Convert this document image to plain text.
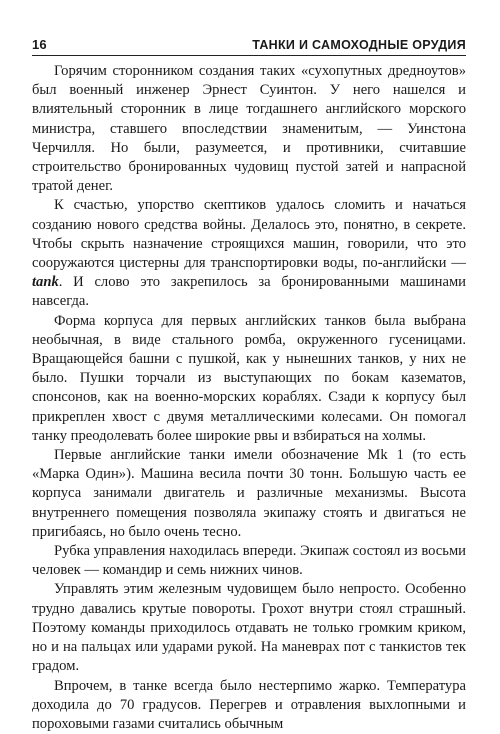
16	ТАНКИ И САМОХОДНЫЕ ОРУДИЯ

Горячим сторонником создания таких «сухопутных дредноутов» был военный инженер Эрнест Суинтон. У него нашелся и влиятельный сторонник в лице тогдашнего английского морского министра, ставшего впоследствии знаменитым, — Уинстона Черчилля. Но были, разумеется, и противники, считавшие строительство бронированных чудовищ пустой затей и напрасной тратой денег.

К счастью, упорство скептиков удалось сломить и начаться созданию нового средства войны. Делалось это, понятно, в секрете. Чтобы скрыть назначение строящихся машин, говорили, что это сооружаются цистерны для транспортировки воды, по-английски — tank. И слово это закрепилось за бронированными машинами навсегда.

Форма корпуса для первых английских танков была выбрана необычная, в виде стального ромба, окруженного гусеницами. Вращающейся башни с пушкой, как у нынешних танков, у них не было. Пушки торчали из выступающих по бокам казематов, спонсонов, как на военно-морских кораблях. Сзади к корпусу был прикреплен хвост с двумя металлическими колесами. Он помогал танку преодолевать более широкие рвы и взбираться на холмы.

Первые английские танки имели обозначение Mk 1 (то есть «Марка Один»). Машина весила почти 30 тонн. Большую часть ее корпуса занимали двигатель и различные механизмы. Высота внутреннего помещения позволяла экипажу стоять и двигаться не пригибаясь, но было очень тесно.

Рубка управления находилась впереди. Экипаж состоял из восьми человек — командир и семь нижних чинов.

Управлять этим железным чудовищем было непросто. Особенно трудно давались крутые повороты. Грохот внутри стоял страшный. Поэтому команды приходилось отдавать не только громким криком, но и на пальцах или ударами рукой. На маневрах пот с танкистов тек градом.

Впрочем, в танке всегда было нестерпимо жарко. Температура доходила до 70 градусов. Перегрев и отравления выхлопными и пороховыми газами считались обычным
